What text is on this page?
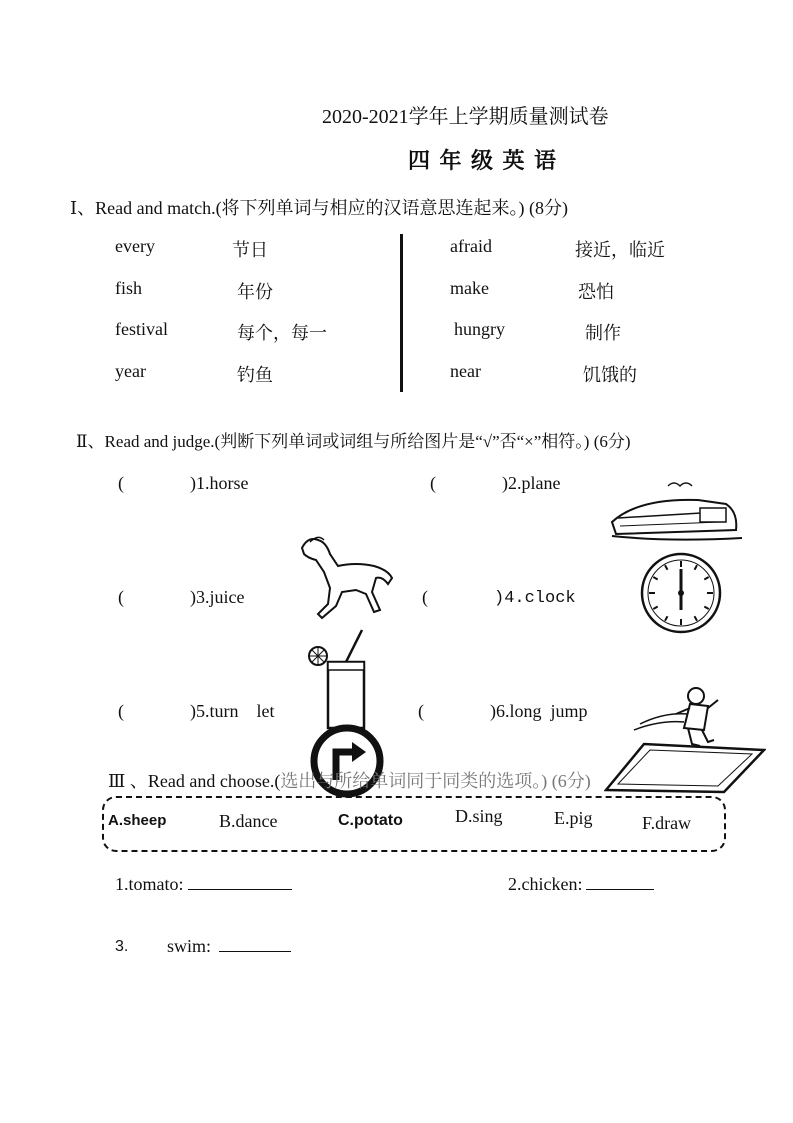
2020-2021学年上学期质量测试卷
四 年 级 英 语
Ⅰ、Read and match.(将下列单词与相应的汉语意思连起来。) (8分)
every	节日
fish	年份
festival	每个，每一
year	钓鱼
afraid	接近，临近
make	恐怕
hungry	制作
near	饥饿的
Ⅱ、Read and judge.(判断下列单词或词组与所给图片是“√”否“×”相符。) (6分)
(	)1.horse	(	)2.plane
(	)3.juice	(	)4.clock
(	)5.turn    let	(	)6.long  jump
Ⅲ 、Read and choose.(选出与所给单词同于同类的选项。) (6分)
A.sheep	B.dance	C.potato	D.sing	E.pig	F.draw
1.tomato:	2.chicken:
3. swim:
